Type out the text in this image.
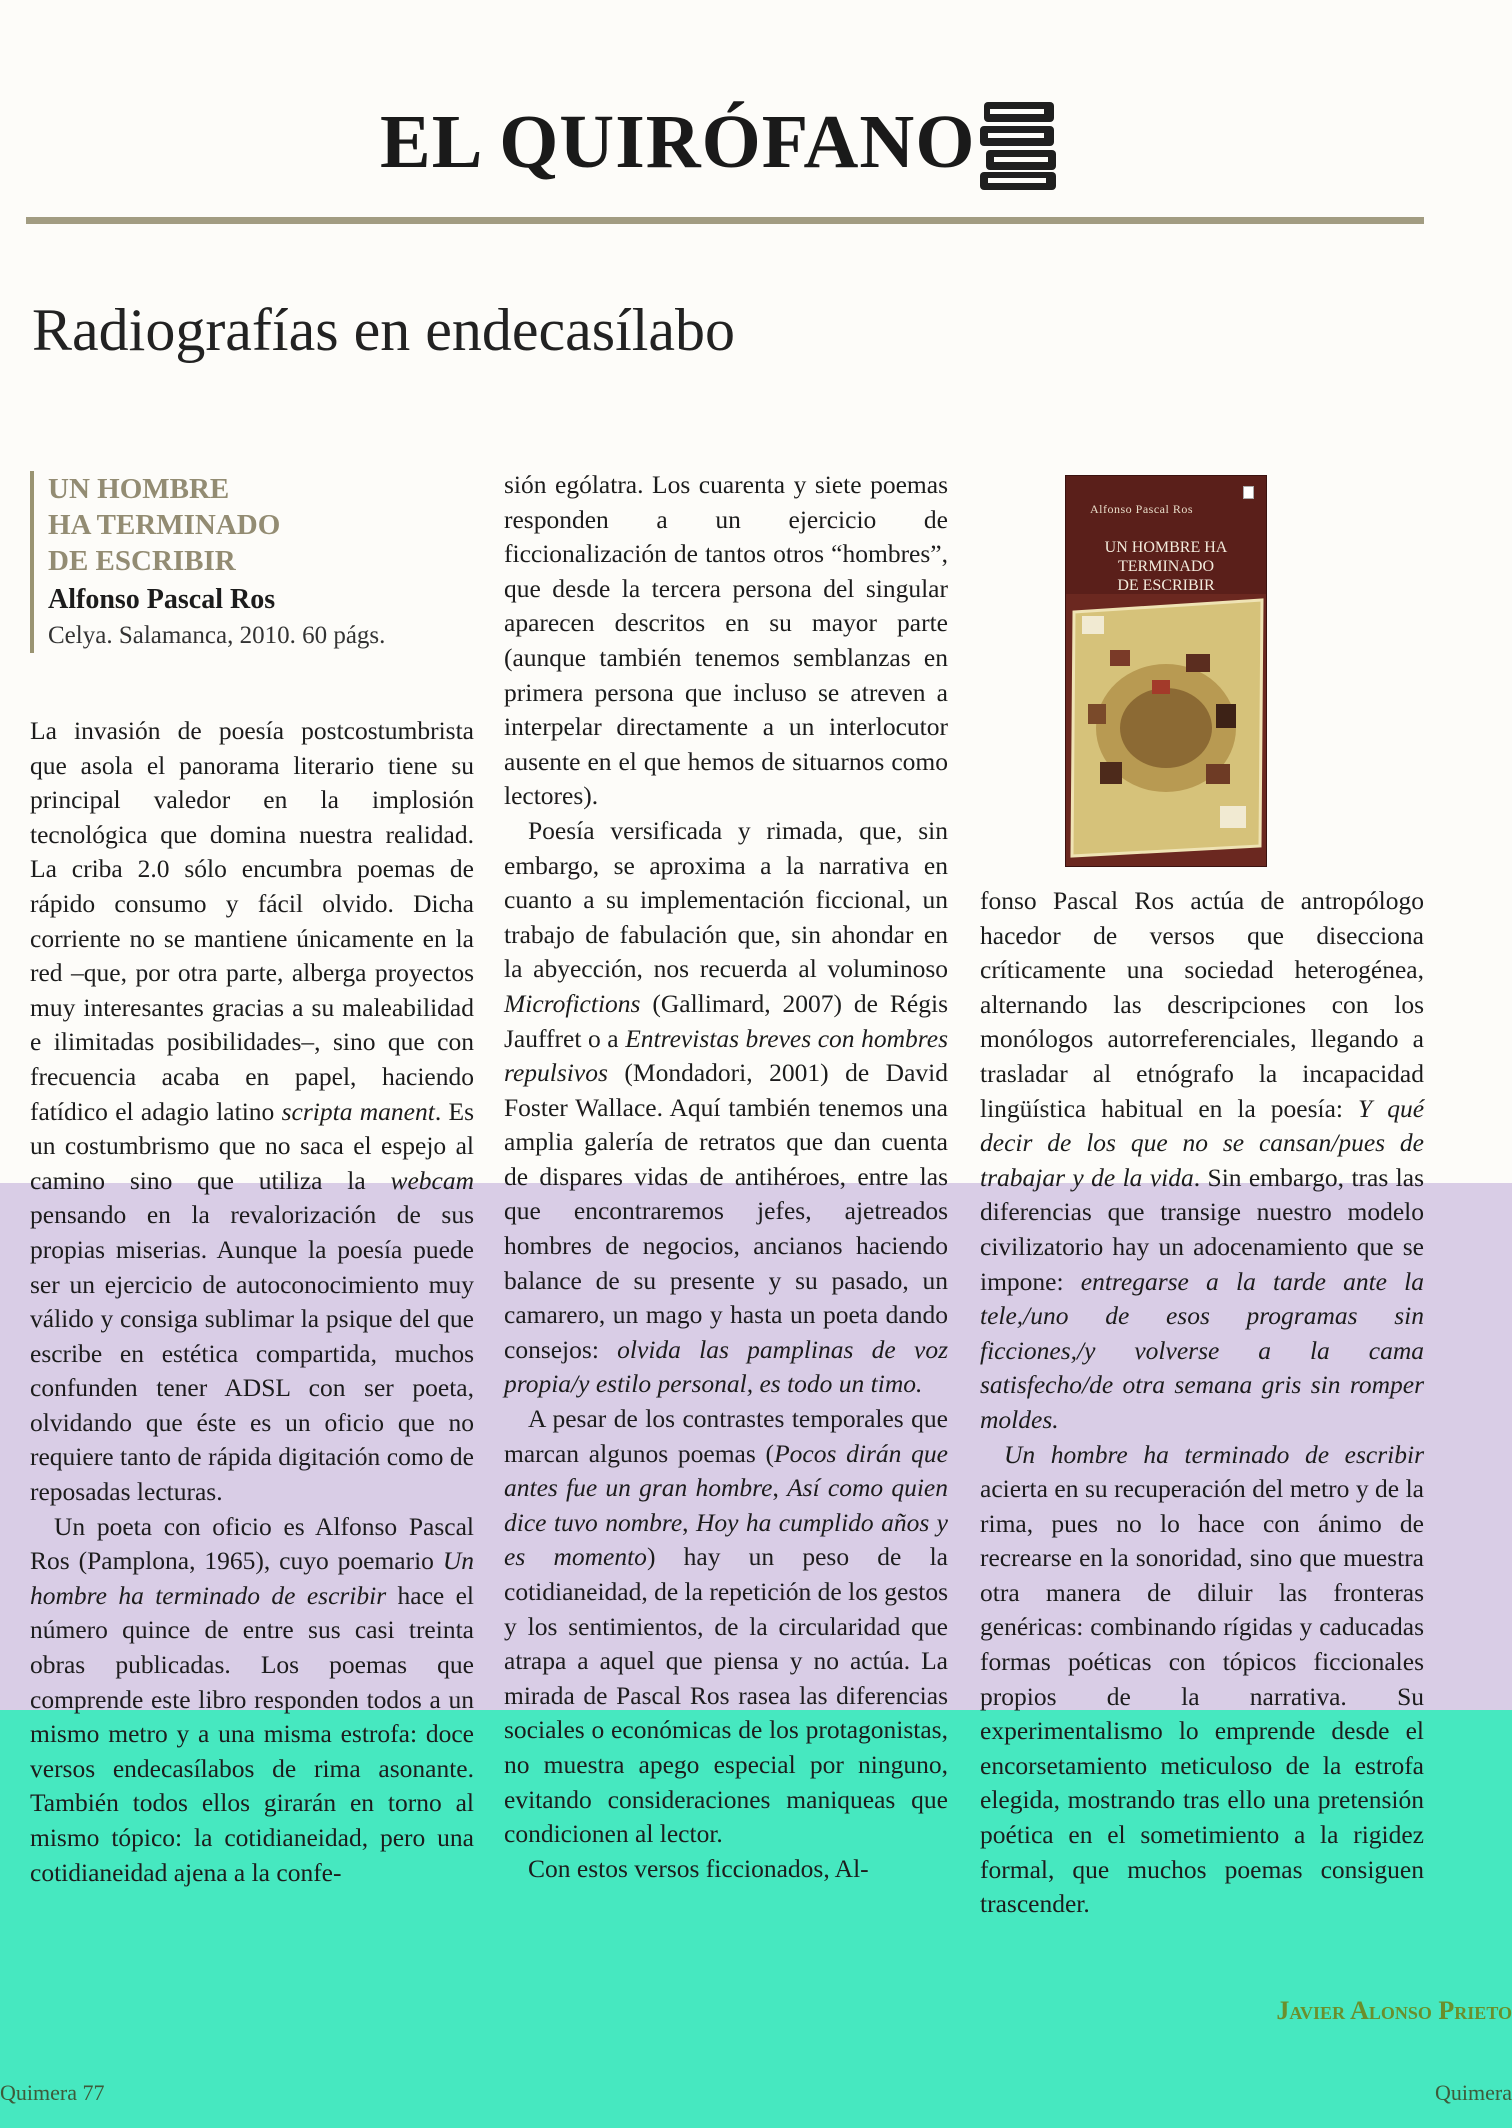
EL QUIRÓFANO
Radiografías en endecasílabo
UN HOMBRE
HA TERMINADO
DE ESCRIBIR
Alfonso Pascal Ros
Celya. Salamanca, 2010. 60 págs.

La invasión de poesía postcostumbrista que asola el panorama literario tiene su principal valedor en la implosión tecnológica que domina nuestra realidad. La criba 2.0 sólo encumbra poemas de rápido consumo y fácil olvido. Dicha corriente no se mantiene únicamente en la red –que, por otra parte, alberga proyectos muy interesantes gracias a su maleabilidad e ilimitadas posibilidades–, sino que con frecuencia acaba en papel, haciendo fatídico el adagio latino scripta manent. Es un costumbrismo que no saca el espejo al camino sino que utiliza la webcam pensando en la revalorización de sus propias miserias. Aunque la poesía puede ser un ejercicio de autoconocimiento muy válido y consiga sublimar la psique del que escribe en estética compartida, muchos confunden tener ADSL con ser poeta, olvidando que éste es un oficio que no requiere tanto de rápida digitación como de reposadas lecturas.

Un poeta con oficio es Alfonso Pascal Ros (Pamplona, 1965), cuyo poemario Un hombre ha terminado de escribir hace el número quince de entre sus casi treinta obras publicadas. Los poemas que comprende este libro responden todos a un mismo metro y a una misma estrofa: doce versos endecasílabos de rima asonante. También todos ellos girarán en torno al mismo tópico: la cotidianeidad, pero una cotidianeidad ajena a la confe-

sión ególatra. Los cuarenta y siete poemas responden a un ejercicio de ficcionalización de tantos otros “hombres”, que desde la tercera persona del singular aparecen descritos en su mayor parte (aunque también tenemos semblanzas en primera persona que incluso se atreven a interpelar directamente a un interlocutor ausente en el que hemos de situarnos como lectores).

Poesía versificada y rimada, que, sin embargo, se aproxima a la narrativa en cuanto a su implementación ficcional, un trabajo de fabulación que, sin ahondar en la abyección, nos recuerda al voluminoso Microfictions (Gallimard, 2007) de Régis Jauffret o a Entrevistas breves con hombres repulsivos (Mondadori, 2001) de David Foster Wallace. Aquí también tenemos una amplia galería de retratos que dan cuenta de dispares vidas de antihéroes, entre las que encontraremos jefes, ajetreados hombres de negocios, ancianos haciendo balance de su presente y su pasado, un camarero, un mago y hasta un poeta dando consejos: olvida las pamplinas de voz propia/y estilo personal, es todo un timo.

A pesar de los contrastes temporales que marcan algunos poemas (Pocos dirán que antes fue un gran hombre, Así como quien dice tuvo nombre, Hoy ha cumplido años y es momento) hay un peso de la cotidianeidad, de la repetición de los gestos y los sentimientos, de la circularidad que atrapa a aquel que piensa y no actúa. La mirada de Pascal Ros rasea las diferencias sociales o económicas de los protagonistas, no muestra apego especial por ninguno, evitando consideraciones maniqueas que condicionen al lector.

Con estos versos ficcionados, Al-

Alfonso Pascal Ros
UN HOMBRE HA TERMINADO
DE ESCRIBIR

fonso Pascal Ros actúa de antropólogo hacedor de versos que disecciona críticamente una sociedad heterogénea, alternando las descripciones con los monólogos autorreferenciales, llegando a trasladar al etnógrafo la incapacidad lingüística habitual en la poesía: Y qué decir de los que no se cansan/pues de trabajar y de la vida. Sin embargo, tras las diferencias que transige nuestro modelo civilizatorio hay un adocenamiento que se impone: entregarse a la tarde ante la tele,/uno de esos programas sin ficciones,/y volverse a la cama satisfecho/de otra semana gris sin romper moldes.

Un hombre ha terminado de escribir acierta en su recuperación del metro y de la rima, pues no lo hace con ánimo de recrearse en la sonoridad, sino que muestra otra manera de diluir las fronteras genéricas: combinando rígidas y caducadas formas poéticas con tópicos ficcionales propios de la narrativa. Su experimentalismo lo emprende desde el encorsetamiento meticuloso de la estrofa elegida, mostrando tras ello una pretensión poética en el sometimiento a la rigidez formal, que muchos poemas consiguen trascender.

Javier Alonso Prieto

Quimera 77	Quimera
